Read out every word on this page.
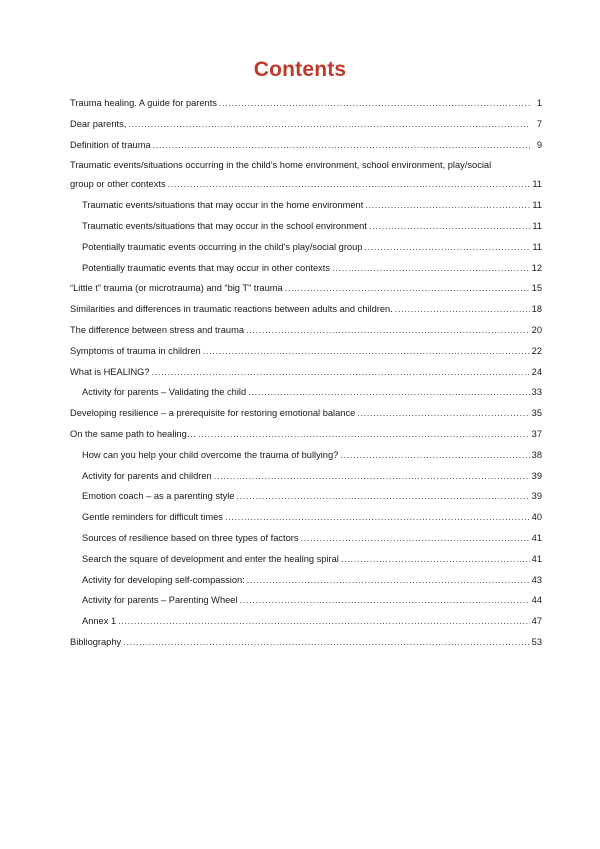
Contents
Trauma healing. A guide for parents .....	1
Dear parents, .....	7
Definition of trauma .....	9
Traumatic events/situations occurring in the child’s home environment, school environment, play/social
group or other contexts .....	11
Traumatic events/situations that may occur in the home environment .....	11
Traumatic events/situations that may occur in the school environment .....	11
Potentially traumatic events occurring in the child’s play/social group .....	11
Potentially traumatic events that may occur in other contexts .....	12
“Little t” trauma (or microtrauma) and “big T” trauma .....	15
Similarities and differences in traumatic reactions between adults and children. .....	18
The difference between stress and trauma .....	20
Symptoms of trauma in children .....	22
What is HEALING? .....	24
Activity for parents – Validating the child .....	33
Developing resilience – a prerequisite for restoring emotional balance .....	35
On the same path to healing… .....	37
How can you help your child overcome the trauma of bullying? .....	38
Activity for parents and children .....	39
Emotion coach – as a parenting style .....	39
Gentle reminders for difficult times .....	40
Sources of resilience based on three types of factors .....	41
Search the square of development and enter the healing spiral .....	41
Activity for developing self-compassion: .....	43
Activity for parents – Parenting Wheel .....	44
Annex 1 .....	47
Bibliography .....	53
